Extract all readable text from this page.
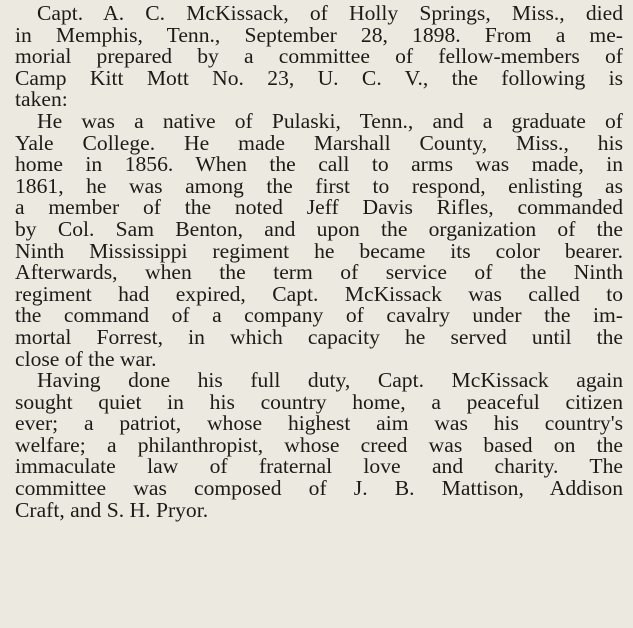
Capt. A. C. McKissack, of Holly Springs, Miss., died
in Memphis, Tenn., September 28, 1898. From a me-
morial prepared by a committee of fellow-members of
Camp Kitt Mott No. 23, U. C. V., the following is
taken:
He was a native of Pulaski, Tenn., and a graduate of
Yale College. He made Marshall County, Miss., his
home in 1856. When the call to arms was made, in
1861, he was among the first to respond, enlisting as
a member of the noted Jeff Davis Rifles, commanded
by Col. Sam Benton, and upon the organization of the
Ninth Mississippi regiment he became its color bearer.
Afterwards, when the term of service of the Ninth
regiment had expired, Capt. McKissack was called to
the command of a company of cavalry under the im-
mortal Forrest, in which capacity he served until the
close of the war.
Having done his full duty, Capt. McKissack again
sought quiet in his country home, a peaceful citizen
ever; a patriot, whose highest aim was his country's
welfare; a philanthropist, whose creed was based on the
immaculate law of fraternal love and charity. The
committee was composed of J. B. Mattison, Addison
Craft, and S. H. Pryor.
